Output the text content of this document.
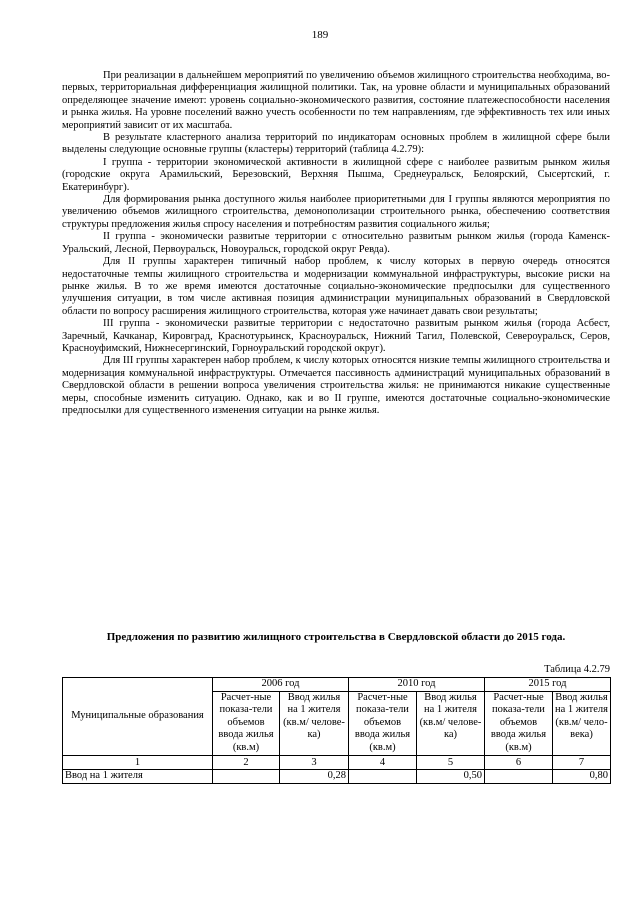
189

При реализации в дальнейшем мероприятий по увеличению объемов жилищного строительства необходима, во-первых, территориальная дифференциация жилищной политики. Так, на уровне области и муниципальных образований определяющее значение имеют: уровень социально-экономического развития, состояние платежеспособности населения и рынка жилья. На уровне поселений важно учесть особенности по тем направлениям, где эффективность тех или иных мероприятий зависит от их масштаба.

В результате кластерного анализа территорий по индикаторам основных проблем в жилищной сфере были выделены следующие основные группы (кластеры) территорий (таблица 4.2.79):

I группа - территории экономической активности в жилищной сфере с наиболее развитым рынком жилья (городские округа Арамильский, Березовский, Верхняя Пышма, Среднеуральск, Белоярский, Сысертский, г. Екатеринбург).

Для формирования рынка доступного жилья наиболее приоритетными для I группы являются мероприятия по увеличению объемов жилищного строительства, демонополизации строительного рынка, обеспечению соответствия структуры предложения жилья спросу населения и потребностям развития социального жилья;

II группа - экономически развитые территории с относительно развитым рынком жилья (города Каменск-Уральский, Лесной, Первоуральск, Новоуральск, городской округ Ревда).

Для II группы характерен типичный набор проблем, к числу которых в первую очередь относятся недостаточные темпы жилищного строительства и модернизации коммунальной инфраструктуры, высокие риски на рынке жилья. В то же время имеются достаточные социально-экономические предпосылки для существенного улучшения ситуации, в том числе активная позиция администрации муниципальных образований в Свердловской области по вопросу расширения жилищного строительства, которая уже начинает давать свои результаты;

III группа - экономически развитые территории с недостаточно развитым рынком жилья (города Асбест, Заречный, Качканар, Кировград, Краснотурьинск, Красноуральск, Нижний Тагил, Полевской, Североуральск, Серов, Красноуфимский, Нижнесергинский, Горноуральский городской округ).

Для III группы характерен набор проблем, к числу которых относятся низкие темпы жилищного строительства и модернизация коммунальной инфраструктуры. Отмечается пассивность администраций муниципальных образований в Свердловской области в решении вопроса увеличения строительства жилья: не принимаются никакие существенные меры, способные изменить ситуацию. Однако, как и во II группе, имеются достаточные социально-экономические предпосылки для существенного изменения ситуации на рынке жилья.

Предложения по развитию жилищного строительства в Свердловской области до 2015 года.
Таблица 4.2.79
Муниципальные образования	2006 год		2010 год		2015 год	
	Расчет-ные показа-тели объемов ввода жилья (кв.м)	Ввод жилья на 1 жителя (кв.м/ челове-ка)	Расчет-ные показа-тели объемов ввода жилья (кв.м)	Ввод жилья на 1 жителя (кв.м/ челове-ка)	Расчет-ные показа-тели объемов ввода жилья (кв.м)	Ввод жилья на 1 жителя (кв.м/ чело-века)
1	2	3	4	5	6	7
Ввод на 1 жителя		0,28		0,50		0,80
